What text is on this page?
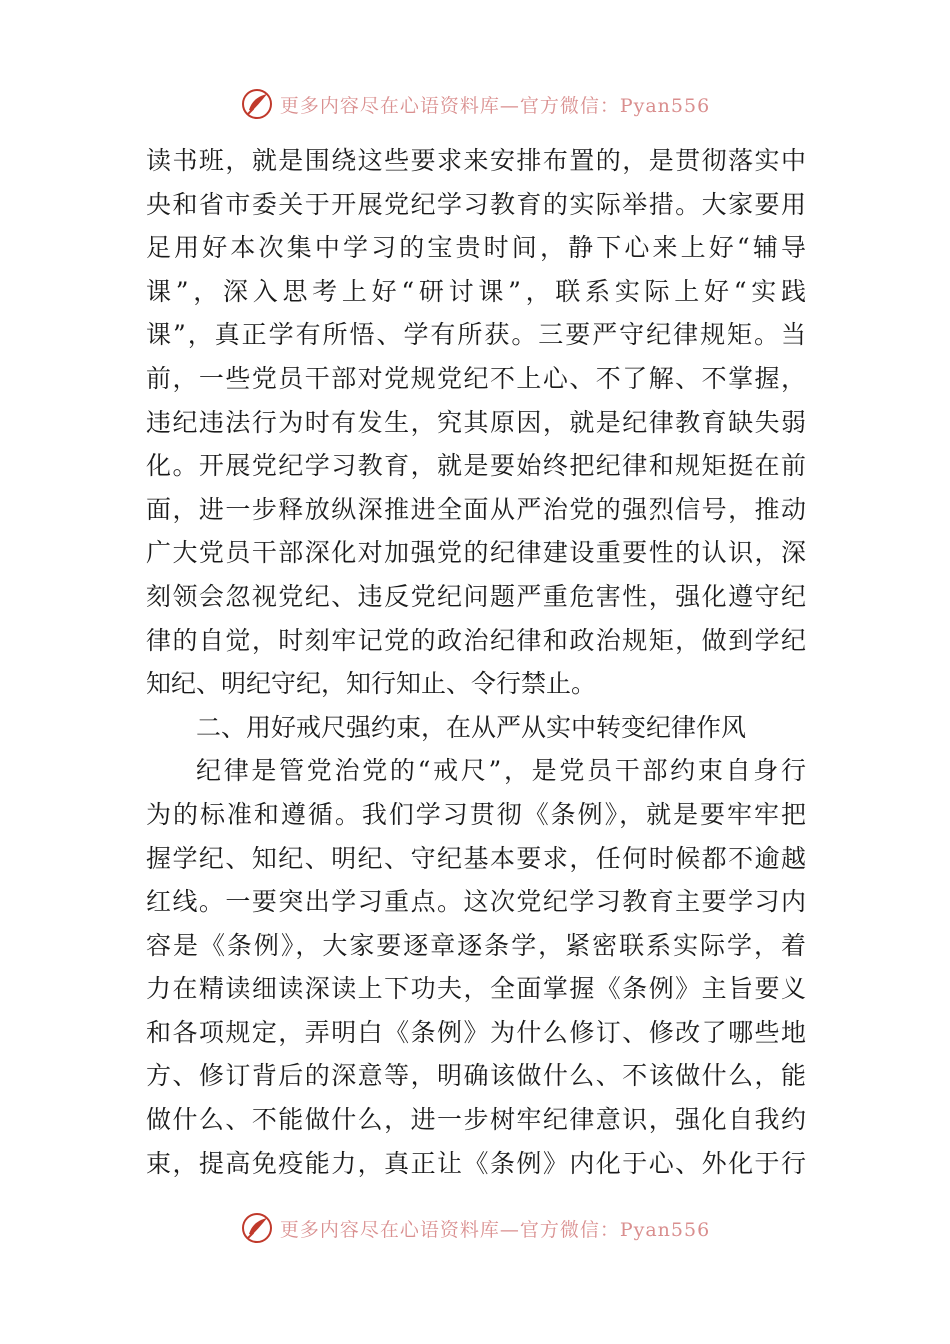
更多内容尽在心语资料库—官方微信：Pyan556
读书班，就是围绕这些要求来安排布置的，是贯彻落实中
央和省市委关于开展党纪学习教育的实际举措。大家要用
足用好本次集中学习的宝贵时间，静下心来上好“辅导
课”，深入思考上好“研讨课”，联系实际上好“实践
课”，真正学有所悟、学有所获。三要严守纪律规矩。当
前，一些党员干部对党规党纪不上心、不了解、不掌握，
违纪违法行为时有发生，究其原因，就是纪律教育缺失弱
化。开展党纪学习教育，就是要始终把纪律和规矩挺在前
面，进一步释放纵深推进全面从严治党的强烈信号，推动
广大党员干部深化对加强党的纪律建设重要性的认识，深
刻领会忽视党纪、违反党纪问题严重危害性，强化遵守纪
律的自觉，时刻牢记党的政治纪律和政治规矩，做到学纪
知纪、明纪守纪，知行知止、令行禁止。
二、用好戒尺强约束，在从严从实中转变纪律作风
纪律是管党治党的“戒尺”，是党员干部约束自身行
为的标准和遵循。我们学习贯彻《条例》，就是要牢牢把
握学纪、知纪、明纪、守纪基本要求，任何时候都不逾越
红线。一要突出学习重点。这次党纪学习教育主要学习内
容是《条例》，大家要逐章逐条学，紧密联系实际学，着
力在精读细读深读上下功夫，全面掌握《条例》主旨要义
和各项规定，弄明白《条例》为什么修订、修改了哪些地
方、修订背后的深意等，明确该做什么、不该做什么，能
做什么、不能做什么，进一步树牢纪律意识，强化自我约
束，提高免疫能力，真正让《条例》内化于心、外化于行
更多内容尽在心语资料库—官方微信：Pyan556
